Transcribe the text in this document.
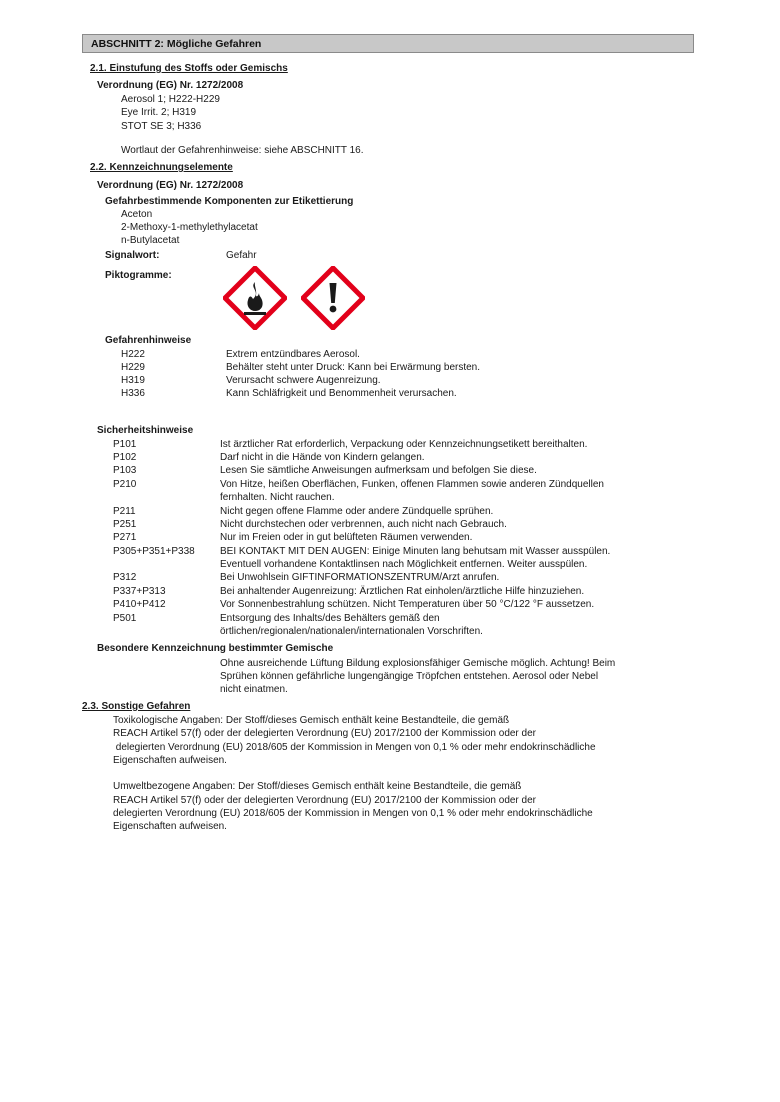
ABSCHNITT 2: Mögliche Gefahren
2.1. Einstufung des Stoffs oder Gemischs
Verordnung (EG) Nr. 1272/2008
Aerosol 1; H222-H229
Eye Irrit. 2; H319
STOT SE 3; H336
Wortlaut der Gefahrenhinweise: siehe ABSCHNITT 16.
2.2. Kennzeichnungselemente
Verordnung (EG) Nr. 1272/2008
Gefahrbestimmende Komponenten zur Etikettierung
Aceton
2-Methoxy-1-methylethylacetat
n-Butylacetat
Signalwort:	Gefahr
Piktogramme:
Gefahrenhinweise
H222	Extrem entzündbares Aerosol.
H229	Behälter steht unter Druck: Kann bei Erwärmung bersten.
H319	Verursacht schwere Augenreizung.
H336	Kann Schläfrigkeit und Benommenheit verursachen.
Sicherheitshinweise
P101	Ist ärztlicher Rat erforderlich, Verpackung oder Kennzeichnungsetikett bereithalten.
P102	Darf nicht in die Hände von Kindern gelangen.
P103	Lesen Sie sämtliche Anweisungen aufmerksam und befolgen Sie diese.
P210	Von Hitze, heißen Oberflächen, Funken, offenen Flammen sowie anderen Zündquellen
fernhalten. Nicht rauchen.
P211	Nicht gegen offene Flamme oder andere Zündquelle sprühen.
P251	Nicht durchstechen oder verbrennen, auch nicht nach Gebrauch.
P271	Nur im Freien oder in gut belüfteten Räumen verwenden.
P305+P351+P338	BEI KONTAKT MIT DEN AUGEN: Einige Minuten lang behutsam mit Wasser ausspülen.
Eventuell vorhandene Kontaktlinsen nach Möglichkeit entfernen. Weiter ausspülen.
P312	Bei Unwohlsein GIFTINFORMATIONSZENTRUM/Arzt anrufen.
P337+P313	Bei anhaltender Augenreizung: Ärztlichen Rat einholen/ärztliche Hilfe hinzuziehen.
P410+P412	Vor Sonnenbestrahlung schützen. Nicht Temperaturen über 50 °C/122 °F aussetzen.
P501	Entsorgung des Inhalts/des Behälters gemäß den
örtlichen/regionalen/nationalen/internationalen Vorschriften.
Besondere Kennzeichnung bestimmter Gemische
Ohne ausreichende Lüftung Bildung explosionsfähiger Gemische möglich. Achtung! Beim
Sprühen können gefährliche lungengängige Tröpfchen entstehen. Aerosol oder Nebel
nicht einatmen.
2.3. Sonstige Gefahren
Toxikologische Angaben: Der Stoff/dieses Gemisch enthält keine Bestandteile, die gemäß
REACH Artikel 57(f) oder der delegierten Verordnung (EU) 2017/2100 der Kommission oder der
delegierten Verordnung (EU) 2018/605 der Kommission in Mengen von 0,1 % oder mehr endokrinschädliche
Eigenschaften aufweisen.
Umweltbezogene Angaben: Der Stoff/dieses Gemisch enthält keine Bestandteile, die gemäß
REACH Artikel 57(f) oder der delegierten Verordnung (EU) 2017/2100 der Kommission oder der
delegierten Verordnung (EU) 2018/605 der Kommission in Mengen von 0,1 % oder mehr endokrinschädliche
Eigenschaften aufweisen.
